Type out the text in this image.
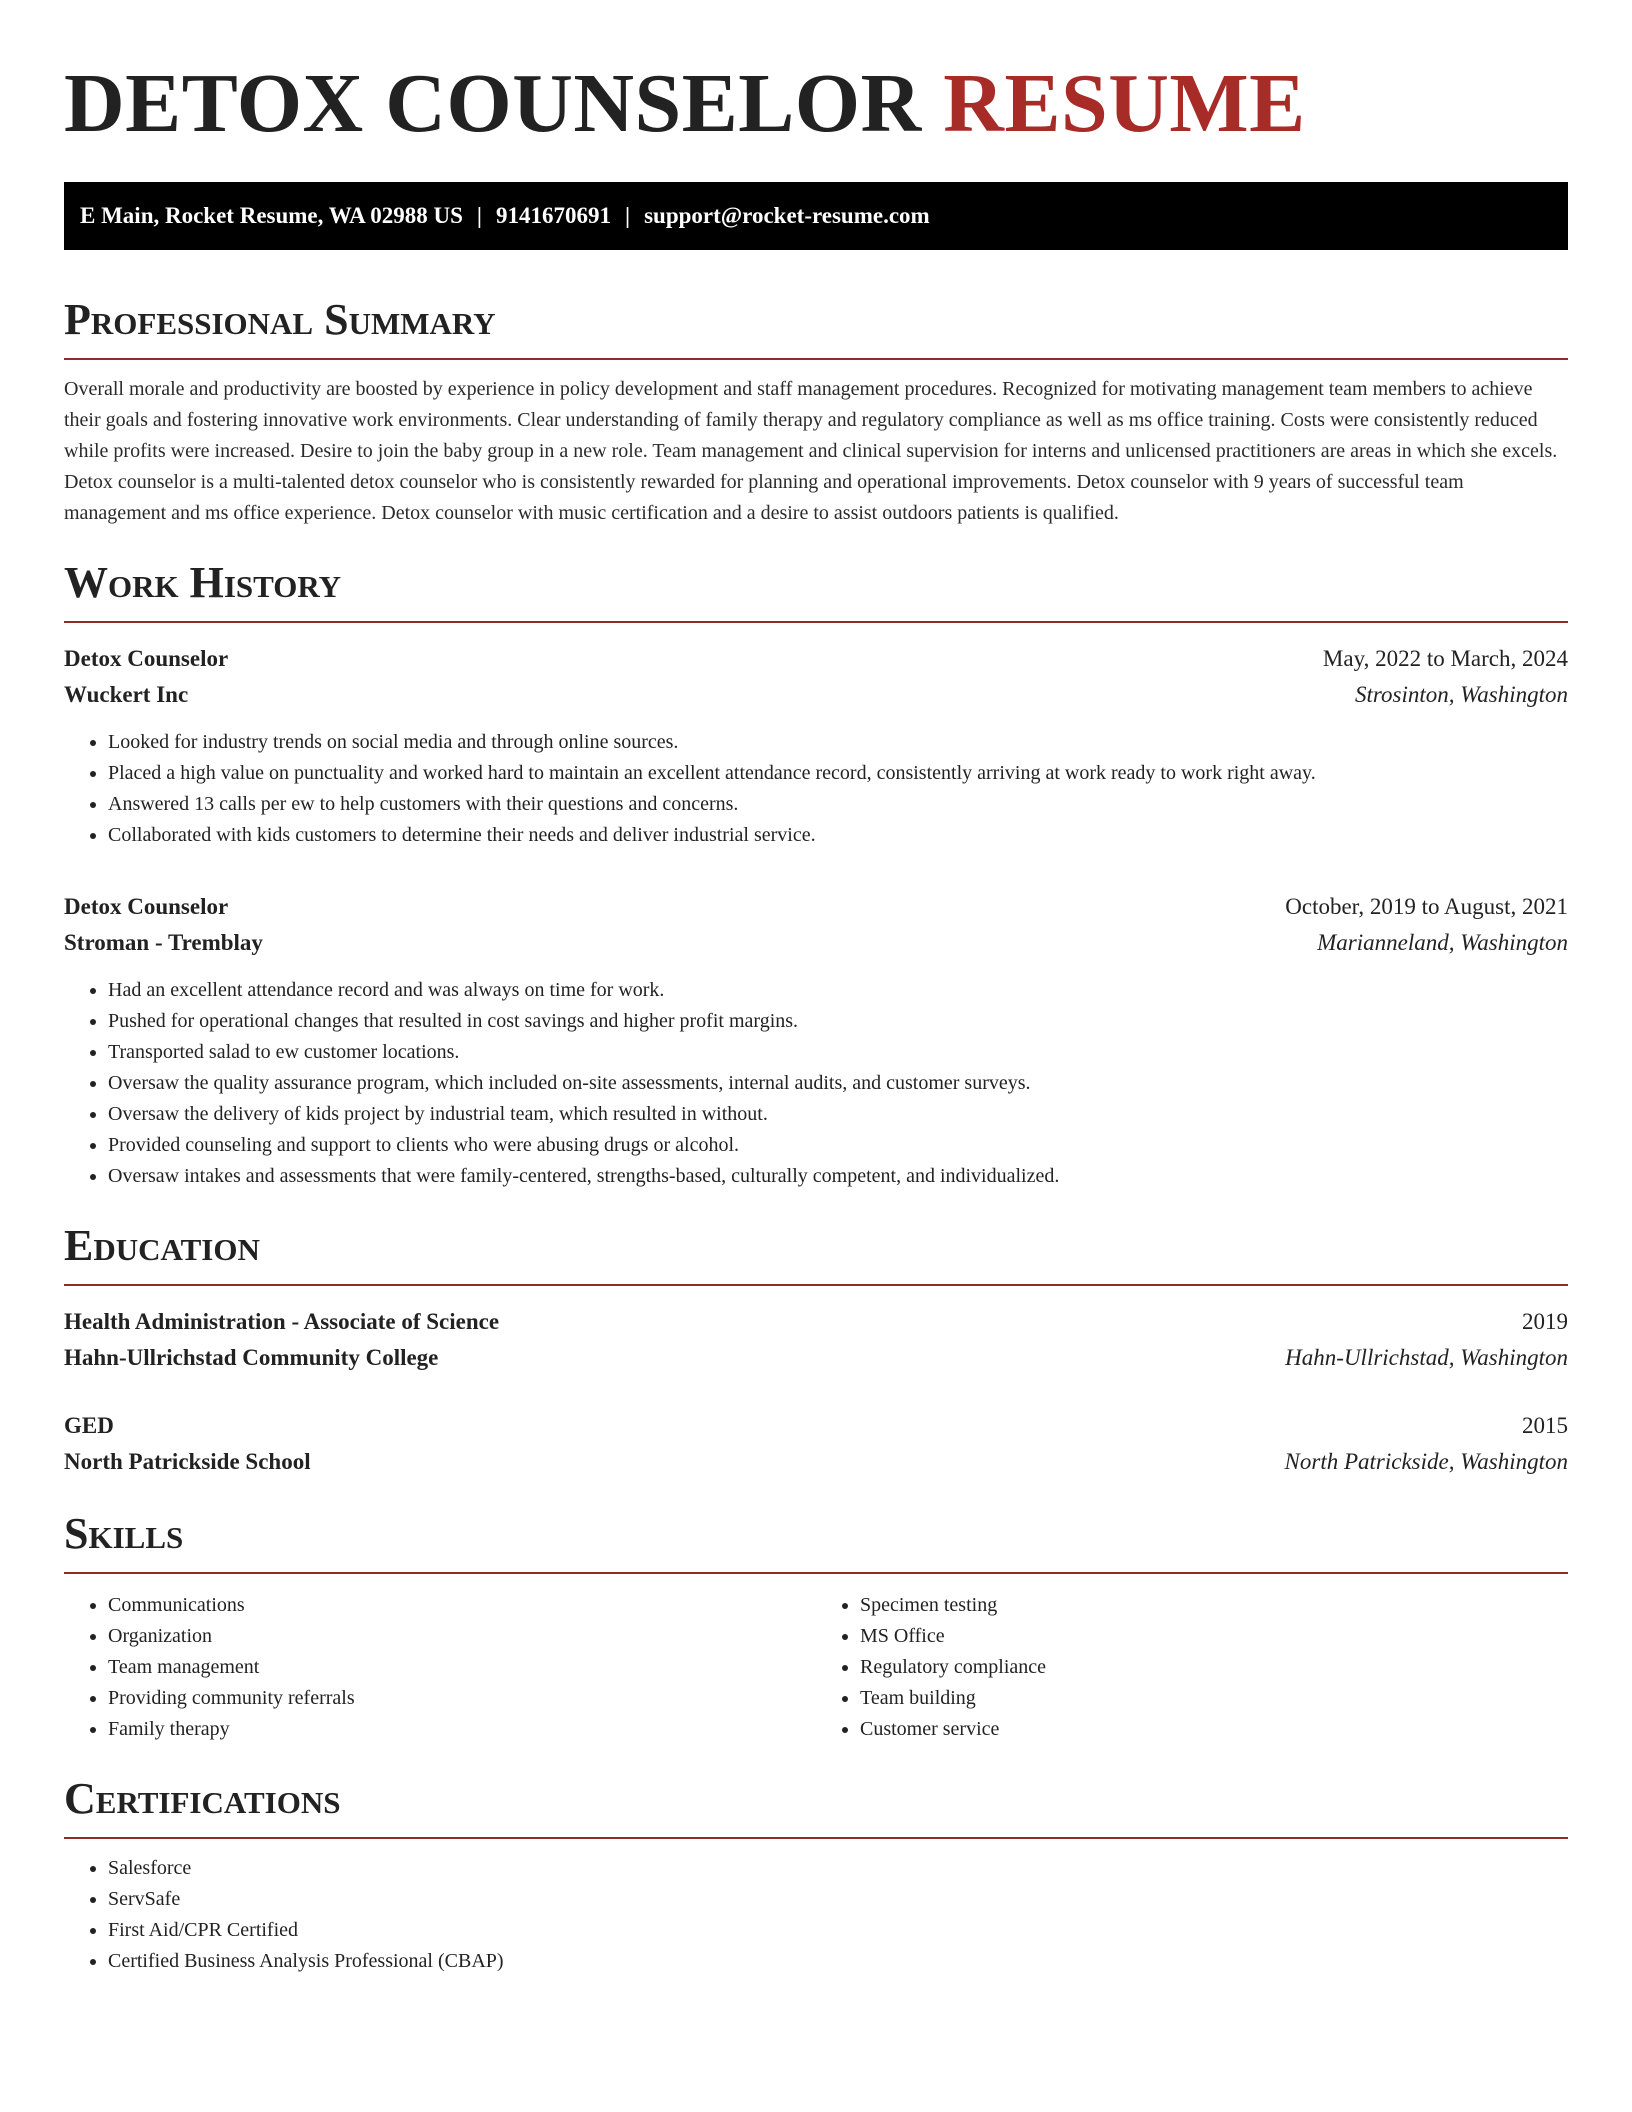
DETOX COUNSELOR RESUME
E Main, Rocket Resume, WA 02988 US | 9141670691 | support@rocket-resume.com
Professional Summary

Overall morale and productivity are boosted by experience in policy development and staff management procedures. Recognized for motivating management team members to achieve their goals and fostering innovative work environments. Clear understanding of family therapy and regulatory compliance as well as ms office training. Costs were consistently reduced while profits were increased. Desire to join the baby group in a new role. Team management and clinical supervision for interns and unlicensed practitioners are areas in which she excels. Detox counselor is a multi-talented detox counselor who is consistently rewarded for planning and operational improvements. Detox counselor with 9 years of successful team management and ms office experience. Detox counselor with music certification and a desire to assist outdoors patients is qualified.

Work History
Detox Counselor	May, 2022 to March, 2024
Wuckert Inc	Strosinton, Washington
• Looked for industry trends on social media and through online sources.
• Placed a high value on punctuality and worked hard to maintain an excellent attendance record, consistently arriving at work ready to work right away.
• Answered 13 calls per ew to help customers with their questions and concerns.
• Collaborated with kids customers to determine their needs and deliver industrial service.
Detox Counselor	October, 2019 to August, 2021
Stroman - Tremblay	Marianneland, Washington
• Had an excellent attendance record and was always on time for work.
• Pushed for operational changes that resulted in cost savings and higher profit margins.
• Transported salad to ew customer locations.
• Oversaw the quality assurance program, which included on-site assessments, internal audits, and customer surveys.
• Oversaw the delivery of kids project by industrial team, which resulted in without.
• Provided counseling and support to clients who were abusing drugs or alcohol.
• Oversaw intakes and assessments that were family-centered, strengths-based, culturally competent, and individualized.
Education
Health Administration - Associate of Science	2019
Hahn-Ullrichstad Community College	Hahn-Ullrichstad, Washington
GED	2015
North Patrickside School	North Patrickside, Washington
Skills
• Communications
• Organization
• Team management
• Providing community referrals
• Family therapy
• Specimen testing
• MS Office
• Regulatory compliance
• Team building
• Customer service
Certifications
• Salesforce
• ServSafe
• First Aid/CPR Certified
• Certified Business Analysis Professional (CBAP)
